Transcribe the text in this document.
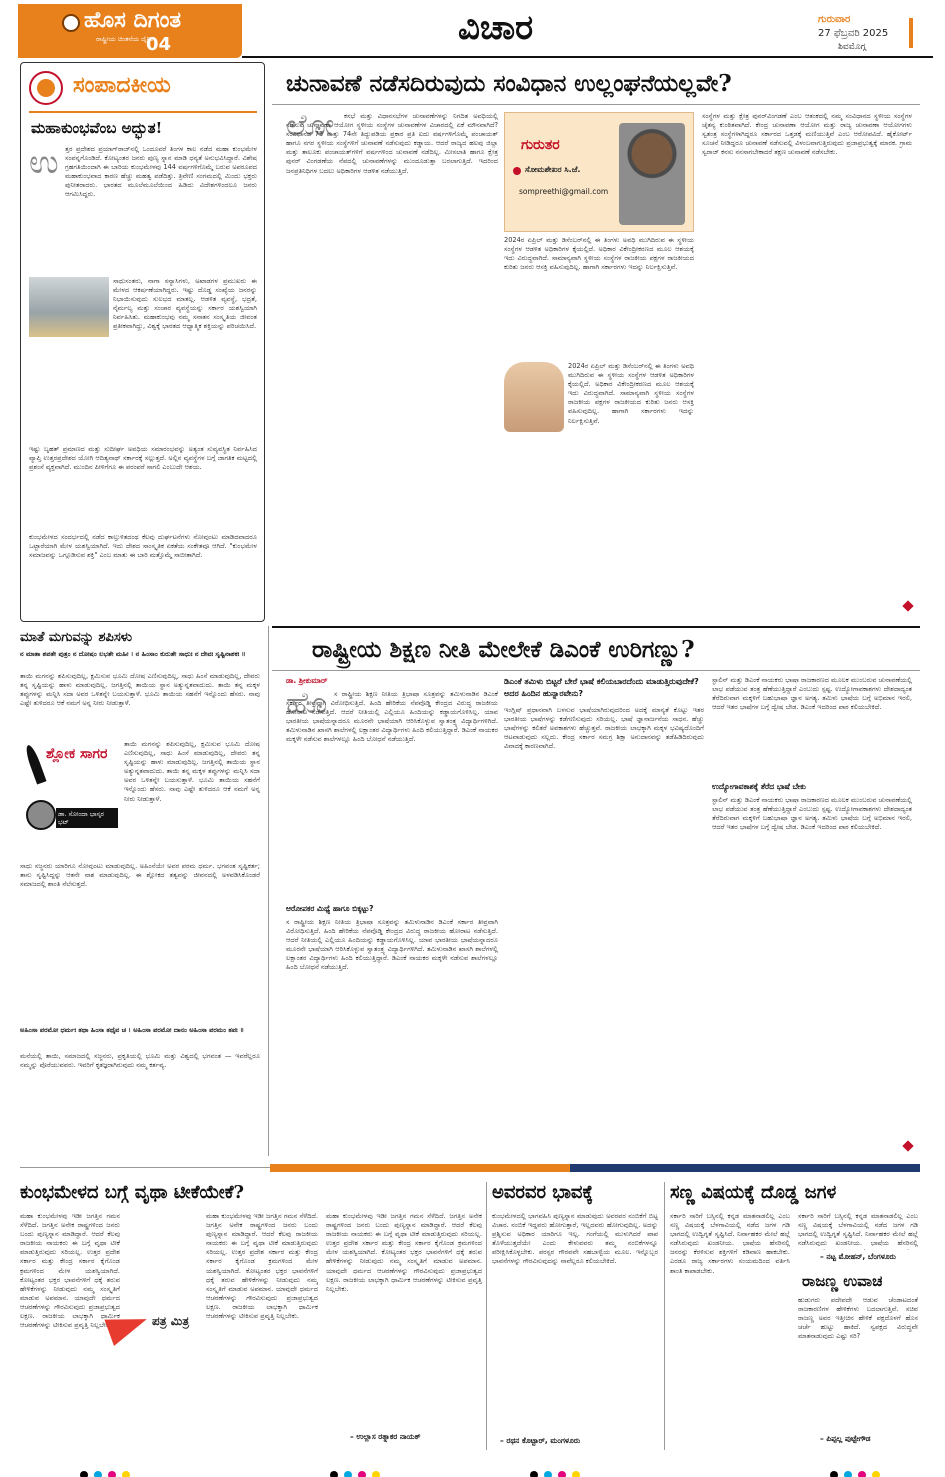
ಹೊಸ ದಿಗಂತ
ರಾಷ್ಟ್ರೀಯ ಚಿಂತನೆಯ ದೈನಿಕ
04	ವಿಚಾರ	ಗುರುವಾರ
27 ಫೆಬ್ರವರಿ 2025
ಶಿವಮೊಗ್ಗ
ಸಂಪಾದಕೀಯ
ಮಹಾಕುಂಭವೆಂಬ ಅದ್ಭುತ!
ಉ ತ್ತರ ಪ್ರದೇಶದ ಪ್ರಯಾಗ್‌ರಾಜ್‌ನಲ್ಲಿ ಒಂದೂವರೆ ತಿಂಗಳ ಕಾಲ ನಡೆದ ಮಹಾ ಕುಂಭಮೇಳ ಸಂಪನ್ನಗೊಂಡಿದೆ. ಕೋಟ್ಯಂತರ ಜನರು ಪುಣ್ಯ ಸ್ನಾನ ಮಾಡಿ ಧನ್ಯತೆ ಅನುಭವಿಸಿದ್ದಾರೆ. ವಿಶೇಷ ಗ್ರಹಗತಿಯಿಂದಾಗಿ ಈ ಬಾರಿಯ ಕುಂಭಮೇಳವು 144 ವರ್ಷಗಳಿಗೊಮ್ಮೆ ಬರುವ ಅಪರೂಪದ ಮಹಾಕುಂಭವಾದ ಕಾರಣ ಹೆಚ್ಚು ಮಹತ್ವ ಪಡೆದಿತ್ತು. ತ್ರಿವೇಣಿ ಸಂಗಮದಲ್ಲಿ ಮಿಂದು ಭಕ್ತರು ಪುನೀತರಾದರು. ಭಾರತದ ಮೂಲೆಮೂಲೆಯಿಂದ ಹಿಡಿದು ವಿದೇಶಗಳಿಂದಲೂ ಜನರು ಆಗಮಿಸಿದ್ದರು.
ಸಾಧುಸಂತರು, ನಾಗಾ ಸನ್ಯಾಸಿಗಳು, ಅಖಾಡಗಳ ಪ್ರಮುಖರು ಈ ಮೇಳದ ಆಕರ್ಷಣೆಯಾಗಿದ್ದರು. ಇಷ್ಟು ದೊಡ್ಡ ಸಂಖ್ಯೆಯ ಜನರನ್ನು ನಿಭಾಯಿಸುವುದು ಸುಲಭದ ಮಾತಲ್ಲ. ಆಡಳಿತ ವ್ಯವಸ್ಥೆ, ಭದ್ರತೆ, ನೈರ್ಮಲ್ಯ ಮತ್ತು ಸಂಚಾರ ವ್ಯವಸ್ಥೆಯನ್ನು ಸರ್ಕಾರ ಯಶಸ್ವಿಯಾಗಿ ನಿರ್ವಹಿಸಿತು. ಮಹಾಕುಂಭವು ನಮ್ಮ ಸನಾತನ ಸಂಸ್ಕೃತಿಯ ಜೀವಂತ ಪ್ರತೀಕವಾಗಿದ್ದು, ವಿಶ್ವಕ್ಕೆ ಭಾರತದ ಆಧ್ಯಾತ್ಮಿಕ ಶಕ್ತಿಯನ್ನು ಪರಿಚಯಿಸಿದೆ.
ಇಷ್ಟು ಬೃಹತ್ ಪ್ರಮಾಣದ ಮತ್ತು ಸುದೀರ್ಘ ಅವಧಿಯ ಸಮಾರಂಭವನ್ನು ಅತ್ಯಂತ ಸುವ್ಯವಸ್ಥಿತ ನಿರ್ವಹಿಸಿದ ವ್ಯಾಪ್ತಿ ಉತ್ತರಪ್ರದೇಶದ ಯೋಗಿ ಆದಿತ್ಯನಾಥ್ ಸರ್ಕಾರಕ್ಕೆ ಸಲ್ಲುತ್ತದೆ. ಅಲ್ಲಿನ ವ್ಯವಸ್ಥೆಗಳ ಬಗ್ಗೆ ಜಾಗತಿಕ ಮಟ್ಟದಲ್ಲಿ ಪ್ರಶಂಸೆ ವ್ಯಕ್ತವಾಗಿದೆ. ಮುಂದಿನ ಪೀಳಿಗೆಗೂ ಈ ಪರಂಪರೆ ಸಾಗಲಿ ಎಂಬುದೇ ಆಶಯ.
ಕುಂಭಮೇಳದ ಸಂದರ್ಭದಲ್ಲಿ ನಡೆದ ಕಾಲ್ತುಳಿತದಂಥ ಕೆಲವು ದುರ್ಘಟನೆಗಳು ನೋವುಂಟು ಮಾಡಿದವಾದರೂ ಒಟ್ಟಾರೆಯಾಗಿ ಮೇಳ ಯಶಸ್ವಿಯಾಗಿದೆ. ಇದು ದೇಶದ ಸಾಂಸ್ಕೃತಿಕ ಏಕತೆಯ ಸಂಕೇತವೂ ಆಗಿದೆ. "ಕುಂಭಮೇಳ ಸಮಾಜವನ್ನು ಒಗ್ಗೂಡಿಸುವ ಶಕ್ತಿ" ಎಂಬ ಮಾತು ಈ ಬಾರಿ ಮತ್ತೊಮ್ಮೆ ಸಾಬೀತಾಗಿದೆ.
ಚುನಾವಣೆ ನಡೆಸದಿರುವುದು ಸಂವಿಧಾನ ಉಲ್ಲಂಘನೆಯಲ್ಲವೇ?
ಲೋ	ಕಸಭೆ ಮತ್ತು ವಿಧಾನಸಭೆಗಳ ಚುನಾವಣೆಗಳನ್ನು ನಿಗದಿತ ಅವಧಿಯಲ್ಲಿ ನಡೆಸುವ ಚುನಾವಣಾ ಆಯೋಗ ಸ್ಥಳೀಯ ಸಂಸ್ಥೆಗಳ ಚುನಾವಣೆಗಳ ವಿಚಾರದಲ್ಲಿ ಏಕೆ ಮೌನವಾಗಿದೆ? ಸಂವಿಧಾನದ 73 ಮತ್ತು 74ನೇ ತಿದ್ದುಪಡಿಯ ಪ್ರಕಾರ ಪ್ರತಿ ಐದು ವರ್ಷಗಳಿಗೊಮ್ಮೆ ಪಂಚಾಯತ್ ಹಾಗೂ ನಗರ ಸ್ಥಳೀಯ ಸಂಸ್ಥೆಗಳಿಗೆ ಚುನಾವಣೆ ನಡೆಸುವುದು ಕಡ್ಡಾಯ. ಆದರೆ ರಾಜ್ಯದ ಹಲವು ಜಿಲ್ಲಾ ಮತ್ತು ತಾಲೂಕು ಪಂಚಾಯತ್‌ಗಳಿಗೆ ವರ್ಷಗಳಿಂದ ಚುನಾವಣೆ ನಡೆದಿಲ್ಲ. ಮೀಸಲಾತಿ ಹಾಗೂ ಕ್ಷೇತ್ರ ಪುನರ್ ವಿಂಗಡಣೆಯ ನೆಪದಲ್ಲಿ ಚುನಾವಣೆಗಳನ್ನು ಮುಂದೂಡುತ್ತಾ ಬರಲಾಗುತ್ತಿದೆ. ಇದರಿಂದ ಜನಪ್ರತಿನಿಧಿಗಳ ಬದಲು ಅಧಿಕಾರಿಗಳ ಆಡಳಿತ ನಡೆಯುತ್ತಿದೆ.
ಗುರುತರ
ಸೋಮಶೇಖರ ಸಿ.ಜೆ.
sompreethi@gmail.com
2024ರ ಏಪ್ರಿಲ್ ಮತ್ತು ಡಿಸೆಂಬರ್‌ನಲ್ಲಿ ಈ ತಿಂಗಳು ಅವಧಿ ಮುಗಿದಿರುವ ಈ ಸ್ಥಳೀಯ ಸಂಸ್ಥೆಗಳ ಆಡಳಿತ ಅಧಿಕಾರಿಗಳ ಕೈಯಲ್ಲಿದೆ. ಅಧಿಕಾರ ವಿಕೇಂದ್ರೀಕರಣದ ಮೂಲ ಆಶಯಕ್ಕೆ ಇದು ವಿರುದ್ಧವಾಗಿದೆ. ಸಾಮಾನ್ಯವಾಗಿ ಸ್ಥಳೀಯ ಸಂಸ್ಥೆಗಳ ರಾಜಕೀಯ ಪಕ್ಷಗಳ ರಾಜಕೀಯದ ಕುರಿತು ಜನರು ಆಸಕ್ತಿ ವಹಿಸುವುದಿಲ್ಲ. ಹಾಗಾಗಿ ಸರ್ಕಾರಗಳು ಇದನ್ನು ನಿರ್ಲಕ್ಷಿಸುತ್ತಿವೆ.
2024ರ ಏಪ್ರಿಲ್ ಮತ್ತು ಡಿಸೆಂಬರ್‌ನಲ್ಲಿ ಈ ತಿಂಗಳು ಅವಧಿ ಮುಗಿದಿರುವ ಈ ಸ್ಥಳೀಯ ಸಂಸ್ಥೆಗಳ ಆಡಳಿತ ಅಧಿಕಾರಿಗಳ ಕೈಯಲ್ಲಿದೆ. ಅಧಿಕಾರ ವಿಕೇಂದ್ರೀಕರಣದ ಮೂಲ ಆಶಯಕ್ಕೆ ಇದು ವಿರುದ್ಧವಾಗಿದೆ. ಸಾಮಾನ್ಯವಾಗಿ ಸ್ಥಳೀಯ ಸಂಸ್ಥೆಗಳ ರಾಜಕೀಯ ಪಕ್ಷಗಳ ರಾಜಕೀಯದ ಕುರಿತು ಜನರು ಆಸಕ್ತಿ ವಹಿಸುವುದಿಲ್ಲ. ಹಾಗಾಗಿ ಸರ್ಕಾರಗಳು ಇದನ್ನು ನಿರ್ಲಕ್ಷಿಸುತ್ತಿವೆ.
ಸಂಸ್ಥೆಗಳ ಮತ್ತು ಕ್ಷೇತ್ರ ಪುನರ್‌ವಿಂಗಡಣೆ ಎಂಬ ಆತಂಕದಲ್ಲಿ ನಮ್ಮ ಸಂವಿಧಾನದ ಸ್ಥಳೀಯ ಸಂಸ್ಥೆಗಳ ಚೈತನ್ಯ ಕುಂಠಿತವಾಗಿದೆ. ಕೇಂದ್ರ ಚುನಾವಣಾ ಆಯೋಗ ಮತ್ತು ರಾಜ್ಯ ಚುನಾವಣಾ ಆಯೋಗಗಳು ಸ್ವತಂತ್ರ ಸಂಸ್ಥೆಗಳಾಗಿದ್ದರೂ ಸರ್ಕಾರದ ಒತ್ತಡಕ್ಕೆ ಮಣಿಯುತ್ತಿವೆ ಎಂಬ ಆರೋಪವಿದೆ. ಹೈಕೋರ್ಟ್ ಸೂಚನೆ ನೀಡಿದ್ದರೂ ಚುನಾವಣೆ ನಡೆಸುವಲ್ಲಿ ವಿಳಂಬವಾಗುತ್ತಿರುವುದು ಪ್ರಜಾಪ್ರಭುತ್ವಕ್ಕೆ ಮಾರಕ. ಗ್ರಾಮ ಸ್ವರಾಜ್ ಕನಸು ನನಸಾಗಬೇಕಾದರೆ ತಕ್ಷಣ ಚುನಾವಣೆ ನಡೆಸಬೇಕು.
ಮಾತೆ ಮಗುವನ್ನು ಶಪಿಸಳು
ನ ಮಾತಾ ಶಪತೇ ಪುತ್ರಂ ನ ದೋಷಂ ಲಭತೇ ಮಹೀ । ನ ಹಿಂಸಾಂ ಕುರುತೇ ಸಾಧುಃ ನ ದೇವಃ ಸೃಷ್ಟಿನಾಶಕಃ ॥
ತಾಯಿ ಮಗನನ್ನು ಶಪಿಸುವುದಿಲ್ಲ, ಕ್ಷಮಿಸುವ ಭೂಮಿ ದೋಷ ಎಣಿಸುವುದಿಲ್ಲ, ಸಾಧು ಹಿಂಸೆ ಮಾಡುವುದಿಲ್ಲ, ದೇವರು ತನ್ನ ಸೃಷ್ಟಿಯನ್ನು ಹಾಳು ಮಾಡುವುದಿಲ್ಲ. ಜಗತ್ತಿನಲ್ಲಿ ತಾಯಿಯ ಸ್ಥಾನ ಅತ್ಯುನ್ನತವಾದುದು. ತಾಯಿ ತನ್ನ ಮಕ್ಕಳ ತಪ್ಪುಗಳನ್ನು ಮನ್ನಿಸಿ ಸದಾ ಅವರ ಒಳಿತನ್ನೇ ಬಯಸುತ್ತಾಳೆ. ಭೂಮಿ ತಾಯಿಯ ಸಹನೆಗೆ ಇನ್ನೊಂದು ಹೆಸರು. ನಾವು ಎಷ್ಟೇ ತುಳಿದರೂ ಆಕೆ ನಮಗೆ ಅನ್ನ ನೀರು ನೀಡುತ್ತಾಳೆ.
ಶ್ಲೋಕ ಸಾಗರ
ಡಾ. ಸೋಂದಾ ಭಾಸ್ಕರ ಭಟ್
ತಾಯಿ ಮಗನನ್ನು ಶಪಿಸುವುದಿಲ್ಲ, ಕ್ಷಮಿಸುವ ಭೂಮಿ ದೋಷ ಎಣಿಸುವುದಿಲ್ಲ, ಸಾಧು ಹಿಂಸೆ ಮಾಡುವುದಿಲ್ಲ, ದೇವರು ತನ್ನ ಸೃಷ್ಟಿಯನ್ನು ಹಾಳು ಮಾಡುವುದಿಲ್ಲ. ಜಗತ್ತಿನಲ್ಲಿ ತಾಯಿಯ ಸ್ಥಾನ ಅತ್ಯುನ್ನತವಾದುದು. ತಾಯಿ ತನ್ನ ಮಕ್ಕಳ ತಪ್ಪುಗಳನ್ನು ಮನ್ನಿಸಿ ಸದಾ ಅವರ ಒಳಿತನ್ನೇ ಬಯಸುತ್ತಾಳೆ. ಭೂಮಿ ತಾಯಿಯ ಸಹನೆಗೆ ಇನ್ನೊಂದು ಹೆಸರು. ನಾವು ಎಷ್ಟೇ ತುಳಿದರೂ ಆಕೆ ನಮಗೆ ಅನ್ನ ನೀರು ನೀಡುತ್ತಾಳೆ.
ಸಾಧು ಸಜ್ಜನರು ಯಾರಿಗೂ ನೋವುಂಟು ಮಾಡುವುದಿಲ್ಲ. ಅಹಿಂಸೆಯೇ ಅವರ ಪರಮ ಧರ್ಮ. ಭಗವಂತ ಸೃಷ್ಟಿಕರ್ತ; ತಾನು ಸೃಷ್ಟಿಸಿದ್ದನ್ನು ಆತನೇ ನಾಶ ಮಾಡುವುದಿಲ್ಲ. ಈ ಶ್ಲೋಕದ ತತ್ವವನ್ನು ಜೀವನದಲ್ಲಿ ಅಳವಡಿಸಿಕೊಂಡರೆ ಸಮಾಜದಲ್ಲಿ ಶಾಂತಿ ನೆಲೆಸುತ್ತದೆ.
ಅಹಿಂಸಾ ಪರಮೋ ಧರ್ಮಃ ತಥಾ ಹಿಂಸಾ ತಥೈವ ಚ । ಅಹಿಂಸಾ ಪರಮೋ ದಾನಂ ಅಹಿಂಸಾ ಪರಮಂ ತಪಃ ॥
ಮನೆಯಲ್ಲಿ ತಾಯಿ, ಸಮಾಜದಲ್ಲಿ ಸಜ್ಜನರು, ಪ್ರಕೃತಿಯಲ್ಲಿ ಭೂಮಿ ಮತ್ತು ವಿಶ್ವದಲ್ಲಿ ಭಗವಂತ — ಇವರೆಲ್ಲರೂ ನಮ್ಮನ್ನು ಪೊರೆಯುವವರು. ಇವರಿಗೆ ಕೃತಜ್ಞರಾಗಿರುವುದು ನಮ್ಮ ಕರ್ತವ್ಯ.
ರಾಷ್ಟ್ರೀಯ ಶಿಕ್ಷಣ ನೀತಿ ಮೇಲೇಕೆ ಡಿಎಂಕೆ ಉರಿಗಣ್ಣು?
ಡಾ. ಶ್ರೀಕುಮಾರ್
ಹೊ	ಸ ರಾಷ್ಟ್ರೀಯ ಶಿಕ್ಷಣ ನೀತಿಯ ತ್ರಿಭಾಷಾ ಸೂತ್ರವನ್ನು ತಮಿಳುನಾಡಿನ ಡಿಎಂಕೆ ಸರ್ಕಾರ ತೀವ್ರವಾಗಿ ವಿರೋಧಿಸುತ್ತಿದೆ. ಹಿಂದಿ ಹೇರಿಕೆಯ ನೆಪವೊಡ್ಡಿ ಕೇಂದ್ರದ ವಿರುದ್ಧ ರಾಜಕೀಯ ಹೋರಾಟ ನಡೆಸುತ್ತಿದೆ. ಆದರೆ ನೀತಿಯಲ್ಲಿ ಎಲ್ಲಿಯೂ ಹಿಂದಿಯನ್ನು ಕಡ್ಡಾಯಗೊಳಿಸಿಲ್ಲ. ಯಾವ ಭಾರತೀಯ ಭಾಷೆಯನ್ನಾದರೂ ಮೂರನೇ ಭಾಷೆಯಾಗಿ ಆರಿಸಿಕೊಳ್ಳುವ ಸ್ವಾತಂತ್ರ್ಯ ವಿದ್ಯಾರ್ಥಿಗಳಿಗಿದೆ. ತಮಿಳುನಾಡಿನ ಖಾಸಗಿ ಶಾಲೆಗಳಲ್ಲಿ ಲಕ್ಷಾಂತರ ವಿದ್ಯಾರ್ಥಿಗಳು ಹಿಂದಿ ಕಲಿಯುತ್ತಿದ್ದಾರೆ. ಡಿಎಂಕೆ ನಾಯಕರ ಮಕ್ಕಳೇ ನಡೆಸುವ ಶಾಲೆಗಳಲ್ಲೂ ಹಿಂದಿ ಬೋಧನೆ ನಡೆಯುತ್ತಿದೆ.
ಆರೋಪಕರ ಮಿಥ್ಯೆ ಹಾಗೂ ಬಿಕ್ಕಟ್ಟು?
ಸ ರಾಷ್ಟ್ರೀಯ ಶಿಕ್ಷಣ ನೀತಿಯ ತ್ರಿಭಾಷಾ ಸೂತ್ರವನ್ನು ತಮಿಳುನಾಡಿನ ಡಿಎಂಕೆ ಸರ್ಕಾರ ತೀವ್ರವಾಗಿ ವಿರೋಧಿಸುತ್ತಿದೆ. ಹಿಂದಿ ಹೇರಿಕೆಯ ನೆಪವೊಡ್ಡಿ ಕೇಂದ್ರದ ವಿರುದ್ಧ ರಾಜಕೀಯ ಹೋರಾಟ ನಡೆಸುತ್ತಿದೆ. ಆದರೆ ನೀತಿಯಲ್ಲಿ ಎಲ್ಲಿಯೂ ಹಿಂದಿಯನ್ನು ಕಡ್ಡಾಯಗೊಳಿಸಿಲ್ಲ. ಯಾವ ಭಾರತೀಯ ಭಾಷೆಯನ್ನಾದರೂ ಮೂರನೇ ಭಾಷೆಯಾಗಿ ಆರಿಸಿಕೊಳ್ಳುವ ಸ್ವಾತಂತ್ರ್ಯ ವಿದ್ಯಾರ್ಥಿಗಳಿಗಿದೆ. ತಮಿಳುನಾಡಿನ ಖಾಸಗಿ ಶಾಲೆಗಳಲ್ಲಿ ಲಕ್ಷಾಂತರ ವಿದ್ಯಾರ್ಥಿಗಳು ಹಿಂದಿ ಕಲಿಯುತ್ತಿದ್ದಾರೆ. ಡಿಎಂಕೆ ನಾಯಕರ ಮಕ್ಕಳೇ ನಡೆಸುವ ಶಾಲೆಗಳಲ್ಲೂ ಹಿಂದಿ ಬೋಧನೆ ನಡೆಯುತ್ತಿದೆ.
ಡಿಎಂಕೆ ತಮಿಳು ಬಿಟ್ಟರೆ ಬೇರೆ ಭಾಷೆ ಕಲಿಯಬಾರದೆಂದು ಮಾಡುತ್ತಿರುವುದೇಕೆ? ಅದರ ಹಿಂದಿನ ಹುನ್ನಾರವೇನು?
ಇಂಗ್ಲಿಷ್ ಪ್ರಧಾನವಾಗಿ ಬಳಸುವ ಭಾಷೆಯಾಗಿರುವುದರಿಂದ ಅದಕ್ಕೆ ಮಾನ್ಯತೆ ಕೊಟ್ಟು ಇತರ ಭಾರತೀಯ ಭಾಷೆಗಳನ್ನು ಕಡೆಗಣಿಸುವುದು ಸರಿಯಲ್ಲ. ಭಾಷೆ ಜ್ಞಾನಾರ್ಜನೆಯ ಸಾಧನ. ಹೆಚ್ಚು ಭಾಷೆಗಳನ್ನು ಕಲಿತರೆ ಅವಕಾಶಗಳು ಹೆಚ್ಚುತ್ತವೆ. ರಾಜಕೀಯ ಲಾಭಕ್ಕಾಗಿ ಮಕ್ಕಳ ಭವಿಷ್ಯದೊಂದಿಗೆ ಆಟವಾಡುವುದು ಸಲ್ಲದು. ಕೇಂದ್ರ ಸರ್ಕಾರ ಸಮಗ್ರ ಶಿಕ್ಷಾ ಅನುದಾನವನ್ನು ತಡೆಹಿಡಿದಿರುವುದು ವಿವಾದಕ್ಕೆ ಕಾರಣವಾಗಿದೆ.
ಸ್ಟಾಲಿನ್ ಮತ್ತು ಡಿಎಂಕೆ ನಾಯಕರು ಭಾಷಾ ರಾಜಕಾರಣದ ಮೂಲಕ ಮುಂಬರುವ ಚುನಾವಣೆಯಲ್ಲಿ ಲಾಭ ಪಡೆಯುವ ತಂತ್ರ ಹೆಣೆಯುತ್ತಿದ್ದಾರೆ ಎಂಬುದು ಸ್ಪಷ್ಟ. ಉದ್ಯೋಗಾವಕಾಶಗಳು ದೇಶದಾದ್ಯಂತ ತೆರೆದಿರುವಾಗ ಮಕ್ಕಳಿಗೆ ಬಹುಭಾಷಾ ಜ್ಞಾನ ಅಗತ್ಯ. ತಮಿಳು ಭಾಷೆಯ ಬಗ್ಗೆ ಅಭಿಮಾನ ಇರಲಿ, ಆದರೆ ಇತರ ಭಾಷೆಗಳ ಬಗ್ಗೆ ದ್ವೇಷ ಬೇಡ. ಡಿಎಂಕೆ ಇದರಿಂದ ಪಾಠ ಕಲಿಯಬೇಕಿದೆ.
ಉದ್ಯೋಗಾವಕಾಶಕ್ಕೆ ತೆರೆದ ಭಾಷೆ ಬೇಕು
ಸ್ಟಾಲಿನ್ ಮತ್ತು ಡಿಎಂಕೆ ನಾಯಕರು ಭಾಷಾ ರಾಜಕಾರಣದ ಮೂಲಕ ಮುಂಬರುವ ಚುನಾವಣೆಯಲ್ಲಿ ಲಾಭ ಪಡೆಯುವ ತಂತ್ರ ಹೆಣೆಯುತ್ತಿದ್ದಾರೆ ಎಂಬುದು ಸ್ಪಷ್ಟ. ಉದ್ಯೋಗಾವಕಾಶಗಳು ದೇಶದಾದ್ಯಂತ ತೆರೆದಿರುವಾಗ ಮಕ್ಕಳಿಗೆ ಬಹುಭಾಷಾ ಜ್ಞಾನ ಅಗತ್ಯ. ತಮಿಳು ಭಾಷೆಯ ಬಗ್ಗೆ ಅಭಿಮಾನ ಇರಲಿ, ಆದರೆ ಇತರ ಭಾಷೆಗಳ ಬಗ್ಗೆ ದ್ವೇಷ ಬೇಡ. ಡಿಎಂಕೆ ಇದರಿಂದ ಪಾಠ ಕಲಿಯಬೇಕಿದೆ.
ಕುಂಭಮೇಳದ ಬಗ್ಗೆ ವೃಥಾ ಟೀಕೆಯೇಕೆ?
ಮಹಾ ಕುಂಭಮೇಳವು ಇಡೀ ಜಗತ್ತಿನ ಗಮನ ಸೆಳೆದಿದೆ. ಜಗತ್ತಿನ ಅನೇಕ ರಾಷ್ಟ್ರಗಳಿಂದ ಜನರು ಬಂದು ಪುಣ್ಯಸ್ನಾನ ಮಾಡಿದ್ದಾರೆ. ಆದರೆ ಕೆಲವು ರಾಜಕೀಯ ನಾಯಕರು ಈ ಬಗ್ಗೆ ವೃಥಾ ಟೀಕೆ ಮಾಡುತ್ತಿರುವುದು ಸರಿಯಲ್ಲ. ಉತ್ತರ ಪ್ರದೇಶ ಸರ್ಕಾರ ಮತ್ತು ಕೇಂದ್ರ ಸರ್ಕಾರ ಕೈಗೊಂಡ ಕ್ರಮಗಳಿಂದ ಮೇಳ ಯಶಸ್ವಿಯಾಗಿದೆ. ಕೋಟ್ಯಂತರ ಭಕ್ತರ ಭಾವನೆಗಳಿಗೆ ಧಕ್ಕೆ ತರುವ ಹೇಳಿಕೆಗಳನ್ನು ನೀಡುವುದು ನಮ್ಮ ಸಂಸ್ಕೃತಿಗೆ ಮಾಡುವ ಅಪಮಾನ. ಯಾವುದೇ ಧರ್ಮದ ಆಚರಣೆಗಳನ್ನು ಗೌರವಿಸುವುದು ಪ್ರಜಾಪ್ರಭುತ್ವದ ಲಕ್ಷಣ. ರಾಜಕೀಯ ಲಾಭಕ್ಕಾಗಿ ಧಾರ್ಮಿಕ ಆಚರಣೆಗಳನ್ನು ಟೀಕಿಸುವ ಪ್ರವೃತ್ತಿ ನಿಲ್ಲಬೇಕು.	ಪತ್ರ ಮಿತ್ರ
ಮಹಾ ಕುಂಭಮೇಳವು ಇಡೀ ಜಗತ್ತಿನ ಗಮನ ಸೆಳೆದಿದೆ. ಜಗತ್ತಿನ ಅನೇಕ ರಾಷ್ಟ್ರಗಳಿಂದ ಜನರು ಬಂದು ಪುಣ್ಯಸ್ನಾನ ಮಾಡಿದ್ದಾರೆ. ಆದರೆ ಕೆಲವು ರಾಜಕೀಯ ನಾಯಕರು ಈ ಬಗ್ಗೆ ವೃಥಾ ಟೀಕೆ ಮಾಡುತ್ತಿರುವುದು ಸರಿಯಲ್ಲ. ಉತ್ತರ ಪ್ರದೇಶ ಸರ್ಕಾರ ಮತ್ತು ಕೇಂದ್ರ ಸರ್ಕಾರ ಕೈಗೊಂಡ ಕ್ರಮಗಳಿಂದ ಮೇಳ ಯಶಸ್ವಿಯಾಗಿದೆ. ಕೋಟ್ಯಂತರ ಭಕ್ತರ ಭಾವನೆಗಳಿಗೆ ಧಕ್ಕೆ ತರುವ ಹೇಳಿಕೆಗಳನ್ನು ನೀಡುವುದು ನಮ್ಮ ಸಂಸ್ಕೃತಿಗೆ ಮಾಡುವ ಅಪಮಾನ. ಯಾವುದೇ ಧರ್ಮದ ಆಚರಣೆಗಳನ್ನು ಗೌರವಿಸುವುದು ಪ್ರಜಾಪ್ರಭುತ್ವದ ಲಕ್ಷಣ. ರಾಜಕೀಯ ಲಾಭಕ್ಕಾಗಿ ಧಾರ್ಮಿಕ ಆಚರಣೆಗಳನ್ನು ಟೀಕಿಸುವ ಪ್ರವೃತ್ತಿ ನಿಲ್ಲಬೇಕು.
ಮಹಾ ಕುಂಭಮೇಳವು ಇಡೀ ಜಗತ್ತಿನ ಗಮನ ಸೆಳೆದಿದೆ. ಜಗತ್ತಿನ ಅನೇಕ ರಾಷ್ಟ್ರಗಳಿಂದ ಜನರು ಬಂದು ಪುಣ್ಯಸ್ನಾನ ಮಾಡಿದ್ದಾರೆ. ಆದರೆ ಕೆಲವು ರಾಜಕೀಯ ನಾಯಕರು ಈ ಬಗ್ಗೆ ವೃಥಾ ಟೀಕೆ ಮಾಡುತ್ತಿರುವುದು ಸರಿಯಲ್ಲ. ಉತ್ತರ ಪ್ರದೇಶ ಸರ್ಕಾರ ಮತ್ತು ಕೇಂದ್ರ ಸರ್ಕಾರ ಕೈಗೊಂಡ ಕ್ರಮಗಳಿಂದ ಮೇಳ ಯಶಸ್ವಿಯಾಗಿದೆ. ಕೋಟ್ಯಂತರ ಭಕ್ತರ ಭಾವನೆಗಳಿಗೆ ಧಕ್ಕೆ ತರುವ ಹೇಳಿಕೆಗಳನ್ನು ನೀಡುವುದು ನಮ್ಮ ಸಂಸ್ಕೃತಿಗೆ ಮಾಡುವ ಅಪಮಾನ. ಯಾವುದೇ ಧರ್ಮದ ಆಚರಣೆಗಳನ್ನು ಗೌರವಿಸುವುದು ಪ್ರಜಾಪ್ರಭುತ್ವದ ಲಕ್ಷಣ. ರಾಜಕೀಯ ಲಾಭಕ್ಕಾಗಿ ಧಾರ್ಮಿಕ ಆಚರಣೆಗಳನ್ನು ಟೀಕಿಸುವ ಪ್ರವೃತ್ತಿ ನಿಲ್ಲಬೇಕು.
– ಉಲ್ಲಾಸ ರತ್ನಾಕರ ನಾಯಕ್
ಅವರವರ ಭಾವಕ್ಕೆ
ಕುಂಭಮೇಳದಲ್ಲಿ ಭಾಗವಹಿಸಿ ಪುಣ್ಯಸ್ನಾನ ಮಾಡುವುದು ಅವರವರ ನಂಬಿಕೆಗೆ ಬಿಟ್ಟ ವಿಚಾರ. ನಂಬಿಕೆ ಇದ್ದವರು ಹೋಗುತ್ತಾರೆ, ಇಲ್ಲದವರು ಹೋಗುವುದಿಲ್ಲ. ಅದನ್ನು ಪ್ರಶ್ನಿಸುವ ಅಧಿಕಾರ ಯಾರಿಗೂ ಇಲ್ಲ. ಗಂಗೆಯಲ್ಲಿ ಮುಳುಗಿದರೆ ಪಾಪ ತೊಳೆಯುತ್ತದೆಯೇ ಎಂದು ಕೇಳುವವರು ತಮ್ಮ ನಂಬಿಕೆಗಳನ್ನೂ ಪರೀಕ್ಷಿಸಿಕೊಳ್ಳಬೇಕು. ಪರಸ್ಪರ ಗೌರವವೇ ಸಹಬಾಳ್ವೆಯ ಮೂಲ. ಇನ್ನೊಬ್ಬರ ಭಾವನೆಗಳನ್ನು ಗೌರವಿಸುವುದನ್ನು ನಾವೆಲ್ಲರೂ ಕಲಿಯಬೇಕಿದೆ.
– ರಥನ ಕೊಟ್ಟಾರ್, ಮಂಗಳೂರು
ಸಣ್ಣ ವಿಷಯಕ್ಕೆ ದೊಡ್ಡ ಜಗಳ
ಸರ್ಕಾರಿ ಸಾರಿಗೆ ಬಸ್ಸಿನಲ್ಲಿ ಕನ್ನಡ ಮಾತನಾಡಲಿಲ್ಲ ಎಂಬ ಸಣ್ಣ ವಿಷಯಕ್ಕೆ ಬೆಳಗಾವಿಯಲ್ಲಿ ನಡೆದ ಜಗಳ ಗಡಿ ಭಾಗದಲ್ಲಿ ಉದ್ವಿಗ್ನತೆ ಸೃಷ್ಟಿಸಿದೆ. ನಿರ್ವಾಹಕರ ಮೇಲೆ ಹಲ್ಲೆ ನಡೆಸಿರುವುದು ಖಂಡನೀಯ. ಭಾಷೆಯ ಹೆಸರಿನಲ್ಲಿ ಜನರನ್ನು ಕೆರಳಿಸುವ ಶಕ್ತಿಗಳಿಗೆ ಕಡಿವಾಣ ಹಾಕಬೇಕು. ಎರಡೂ ರಾಜ್ಯ ಸರ್ಕಾರಗಳು ಸಂಯಮದಿಂದ ವರ್ತಿಸಿ ಶಾಂತಿ ಕಾಪಾಡಬೇಕು.
ಸರ್ಕಾರಿ ಸಾರಿಗೆ ಬಸ್ಸಿನಲ್ಲಿ ಕನ್ನಡ ಮಾತನಾಡಲಿಲ್ಲ ಎಂಬ ಸಣ್ಣ ವಿಷಯಕ್ಕೆ ಬೆಳಗಾವಿಯಲ್ಲಿ ನಡೆದ ಜಗಳ ಗಡಿ ಭಾಗದಲ್ಲಿ ಉದ್ವಿಗ್ನತೆ ಸೃಷ್ಟಿಸಿದೆ. ನಿರ್ವಾಹಕರ ಮೇಲೆ ಹಲ್ಲೆ ನಡೆಸಿರುವುದು ಖಂಡನೀಯ. ಭಾಷೆಯ ಹೆಸರಿನಲ್ಲಿ
– ನಟ್ಟ ಮೋಹನ್, ಬೆಂಗಳೂರು
ರಾಜಣ್ಣ ಉವಾಚ
ಹುಡುಗರು ಪದೇಪದೇ ಆಡುವ ಚೆಂಡಾಟದಂತೆ ರಾಜಕಾರಣಿಗಳ ಹೇಳಿಕೆಗಳು ಬದಲಾಗುತ್ತಿವೆ. ಸಚಿವ ರಾಜಣ್ಣ ಅವರ ಇತ್ತೀಚಿನ ಹೇಳಿಕೆ ಪಕ್ಷದೊಳಗೆ ಹೊಸ ಚರ್ಚೆ ಹುಟ್ಟು ಹಾಕಿದೆ. ಸ್ವಪಕ್ಷದ ವಿರುದ್ಧವೇ ಮಾತನಾಡುವುದು ಎಷ್ಟು ಸರಿ?
– ಪಿಪ್ಪಲ್ಲ ಪುಟ್ಟೇಗೌಡ
